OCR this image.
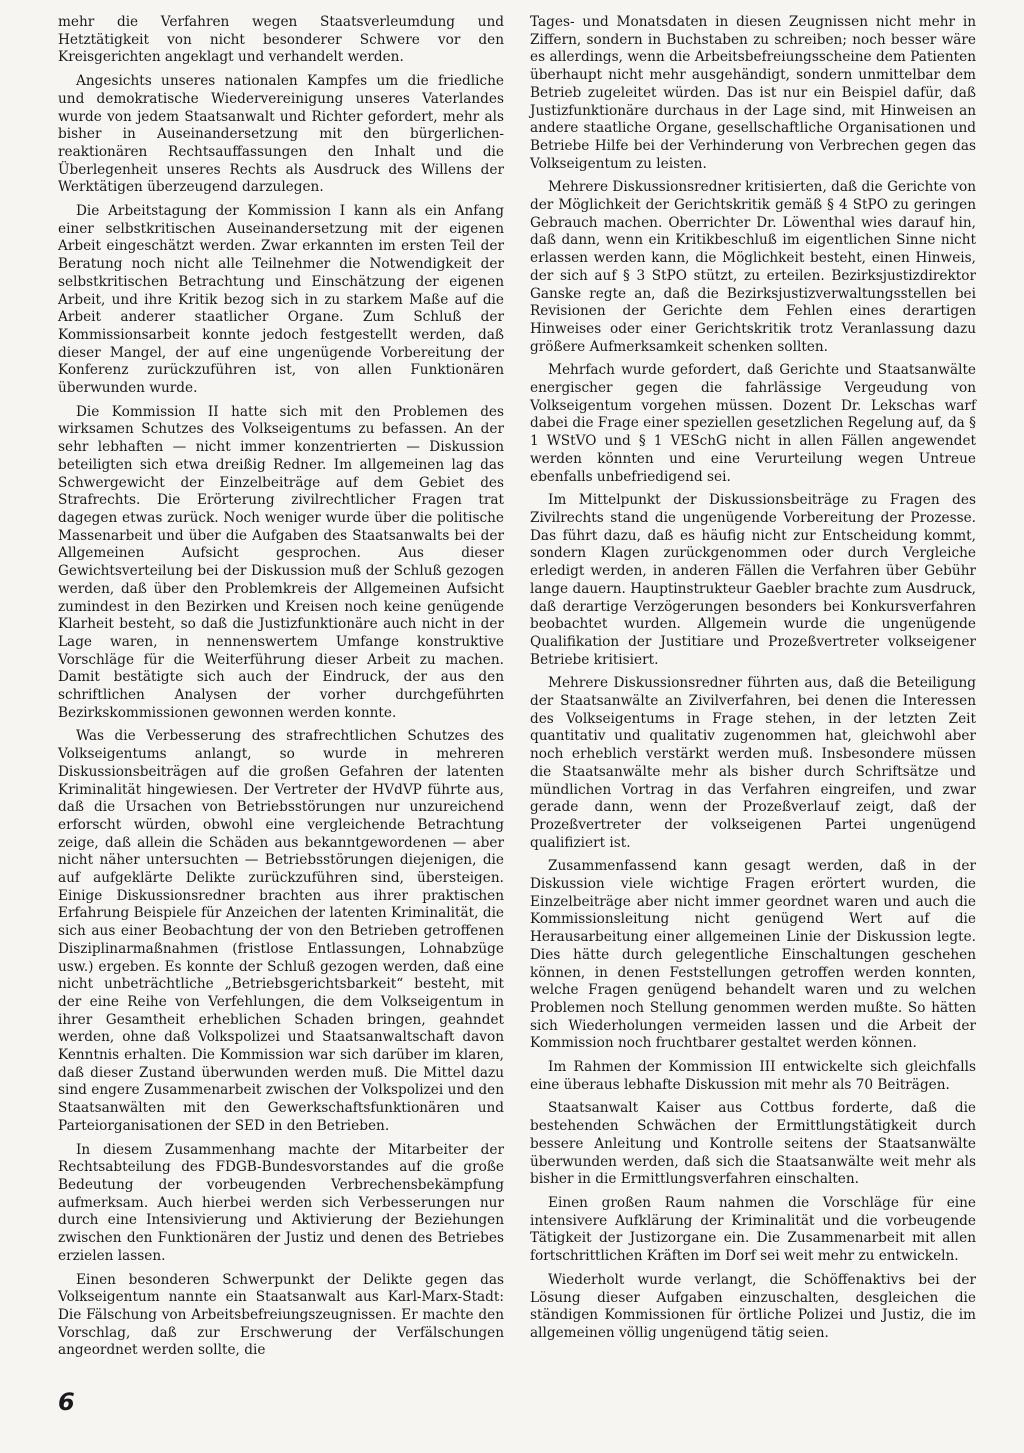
mehr die Verfahren wegen Staatsverleumdung und Hetztätigkeit von nicht besonderer Schwere vor den Kreisgerichten angeklagt und verhandelt werden.

Angesichts unseres nationalen Kampfes um die friedliche und demokratische Wiedervereinigung unseres Vaterlandes wurde von jedem Staatsanwalt und Richter gefordert, mehr als bisher in Auseinandersetzung mit den bürgerlichen-reaktionären Rechtsauffassungen den Inhalt und die Überlegenheit unseres Rechts als Ausdruck des Willens der Werktätigen überzeugend darzulegen.

Die Arbeitstagung der Kommission I kann als ein Anfang einer selbstkritischen Auseinandersetzung mit der eigenen Arbeit eingeschätzt werden. Zwar erkannten im ersten Teil der Beratung noch nicht alle Teilnehmer die Notwendigkeit der selbstkritischen Betrachtung und Einschätzung der eigenen Arbeit, und ihre Kritik bezog sich in zu starkem Maße auf die Arbeit anderer staatlicher Organe. Zum Schluß der Kommissionsarbeit konnte jedoch festgestellt werden, daß dieser Mangel, der auf eine ungenügende Vorbereitung der Konferenz zurückzuführen ist, von allen Funktionären überwunden wurde.

Die Kommission II hatte sich mit den Problemen des wirksamen Schutzes des Volkseigentums zu befassen. An der sehr lebhaften — nicht immer konzentrierten — Diskussion beteiligten sich etwa dreißig Redner. Im allgemeinen lag das Schwergewicht der Einzelbeiträge auf dem Gebiet des Strafrechts. Die Erörterung zivilrechtlicher Fragen trat dagegen etwas zurück. Noch weniger wurde über die politische Massenarbeit und über die Aufgaben des Staatsanwalts bei der Allgemeinen Aufsicht gesprochen. Aus dieser Gewichtsverteilung bei der Diskussion muß der Schluß gezogen werden, daß über den Problemkreis der Allgemeinen Aufsicht zumindest in den Bezirken und Kreisen noch keine genügende Klarheit besteht, so daß die Justizfunktionäre auch nicht in der Lage waren, in nennenswertem Umfange konstruktive Vorschläge für die Weiterführung dieser Arbeit zu machen. Damit bestätigte sich auch der Eindruck, der aus den schriftlichen Analysen der vorher durchgeführten Bezirkskommissionen gewonnen werden konnte.

Was die Verbesserung des strafrechtlichen Schutzes des Volkseigentums anlangt, so wurde in mehreren Diskussionsbeiträgen auf die großen Gefahren der latenten Kriminalität hingewiesen. Der Vertreter der HVdVP führte aus, daß die Ursachen von Betriebsstörungen nur unzureichend erforscht würden, obwohl eine vergleichende Betrachtung zeige, daß allein die Schäden aus bekanntgewordenen — aber nicht näher untersuchten — Betriebsstörungen diejenigen, die auf aufgeklärte Delikte zurückzuführen sind, übersteigen. Einige Diskussionsredner brachten aus ihrer praktischen Erfahrung Beispiele für Anzeichen der latenten Kriminalität, die sich aus einer Beobachtung der von den Betrieben getroffenen Disziplinarmaßnahmen (fristlose Entlassungen, Lohnabzüge usw.) ergeben. Es konnte der Schluß gezogen werden, daß eine nicht unbeträchtliche „Betriebsgerichtsbarkeit“ besteht, mit der eine Reihe von Verfehlungen, die dem Volkseigentum in ihrer Gesamtheit erheblichen Schaden bringen, geahndet werden, ohne daß Volkspolizei und Staatsanwaltschaft davon Kenntnis erhalten. Die Kommission war sich darüber im klaren, daß dieser Zustand überwunden werden muß. Die Mittel dazu sind engere Zusammenarbeit zwischen der Volkspolizei und den Staatsanwälten mit den Gewerkschaftsfunktionären und Parteiorganisationen der SED in den Betrieben.

In diesem Zusammenhang machte der Mitarbeiter der Rechtsabteilung des FDGB-Bundesvorstandes auf die große Bedeutung der vorbeugenden Verbrechensbekämpfung aufmerksam. Auch hierbei werden sich Verbesserungen nur durch eine Intensivierung und Aktivierung der Beziehungen zwischen den Funktionären der Justiz und denen des Betriebes erzielen lassen.

Einen besonderen Schwerpunkt der Delikte gegen das Volkseigentum nannte ein Staatsanwalt aus Karl-Marx-Stadt: Die Fälschung von Arbeitsbefreiungszeugnissen. Er machte den Vorschlag, daß zur Erschwerung der Verfälschungen angeordnet werden sollte, die

Tages- und Monatsdaten in diesen Zeugnissen nicht mehr in Ziffern, sondern in Buchstaben zu schreiben; noch besser wäre es allerdings, wenn die Arbeitsbefreiungsscheine dem Patienten überhaupt nicht mehr ausgehändigt, sondern unmittelbar dem Betrieb zugeleitet würden. Das ist nur ein Beispiel dafür, daß Justizfunktionäre durchaus in der Lage sind, mit Hinweisen an andere staatliche Organe, gesellschaftliche Organisationen und Betriebe Hilfe bei der Verhinderung von Verbrechen gegen das Volkseigentum zu leisten.

Mehrere Diskussionsredner kritisierten, daß die Gerichte von der Möglichkeit der Gerichtskritik gemäß § 4 StPO zu geringen Gebrauch machen. Oberrichter Dr. Löwenthal wies darauf hin, daß dann, wenn ein Kritikbeschluß im eigentlichen Sinne nicht erlassen werden kann, die Möglichkeit besteht, einen Hinweis, der sich auf § 3 StPO stützt, zu erteilen. Bezirksjustizdirektor Ganske regte an, daß die Bezirksjustizverwaltungsstellen bei Revisionen der Gerichte dem Fehlen eines derartigen Hinweises oder einer Gerichtskritik trotz Veranlassung dazu größere Aufmerksamkeit schenken sollten.

Mehrfach wurde gefordert, daß Gerichte und Staatsanwälte energischer gegen die fahrlässige Vergeudung von Volkseigentum vorgehen müssen. Dozent Dr. Lekschas warf dabei die Frage einer speziellen gesetzlichen Regelung auf, da § 1 WStVO und § 1 VESchG nicht in allen Fällen angewendet werden könnten und eine Verurteilung wegen Untreue ebenfalls unbefriedigend sei.

Im Mittelpunkt der Diskussionsbeiträge zu Fragen des Zivilrechts stand die ungenügende Vorbereitung der Prozesse. Das führt dazu, daß es häufig nicht zur Entscheidung kommt, sondern Klagen zurückgenommen oder durch Vergleiche erledigt werden, in anderen Fällen die Verfahren über Gebühr lange dauern. Hauptinstrukteur Gaebler brachte zum Ausdruck, daß derartige Verzögerungen besonders bei Konkursverfahren beobachtet wurden. Allgemein wurde die ungenügende Qualifikation der Justitiare und Prozeßvertreter volkseigener Betriebe kritisiert.

Mehrere Diskussionsredner führten aus, daß die Beteiligung der Staatsanwälte an Zivilverfahren, bei denen die Interessen des Volkseigentums in Frage stehen, in der letzten Zeit quantitativ und qualitativ zugenommen hat, gleichwohl aber noch erheblich verstärkt werden muß. Insbesondere müssen die Staatsanwälte mehr als bisher durch Schriftsätze und mündlichen Vortrag in das Verfahren eingreifen, und zwar gerade dann, wenn der Prozeßverlauf zeigt, daß der Prozeßvertreter der volkseigenen Partei ungenügend qualifiziert ist.

Zusammenfassend kann gesagt werden, daß in der Diskussion viele wichtige Fragen erörtert wurden, die Einzelbeiträge aber nicht immer geordnet waren und auch die Kommissionsleitung nicht genügend Wert auf die Herausarbeitung einer allgemeinen Linie der Diskussion legte. Dies hätte durch gelegentliche Einschaltungen geschehen können, in denen Feststellungen getroffen werden konnten, welche Fragen genügend behandelt waren und zu welchen Problemen noch Stellung genommen werden mußte. So hätten sich Wiederholungen vermeiden lassen und die Arbeit der Kommission noch fruchtbarer gestaltet werden können.

Im Rahmen der Kommission III entwickelte sich gleichfalls eine überaus lebhafte Diskussion mit mehr als 70 Beiträgen.

Staatsanwalt Kaiser aus Cottbus forderte, daß die bestehenden Schwächen der Ermittlungstätigkeit durch bessere Anleitung und Kontrolle seitens der Staatsanwälte überwunden werden, daß sich die Staatsanwälte weit mehr als bisher in die Ermittlungsverfahren einschalten.

Einen großen Raum nahmen die Vorschläge für eine intensivere Aufklärung der Kriminalität und die vorbeugende Tätigkeit der Justizorgane ein. Die Zusammenarbeit mit allen fortschrittlichen Kräften im Dorf sei weit mehr zu entwickeln.

Wiederholt wurde verlangt, die Schöffenaktivs bei der Lösung dieser Aufgaben einzuschalten, desgleichen die ständigen Kommissionen für örtliche Polizei und Justiz, die im allgemeinen völlig ungenügend tätig seien.

6
